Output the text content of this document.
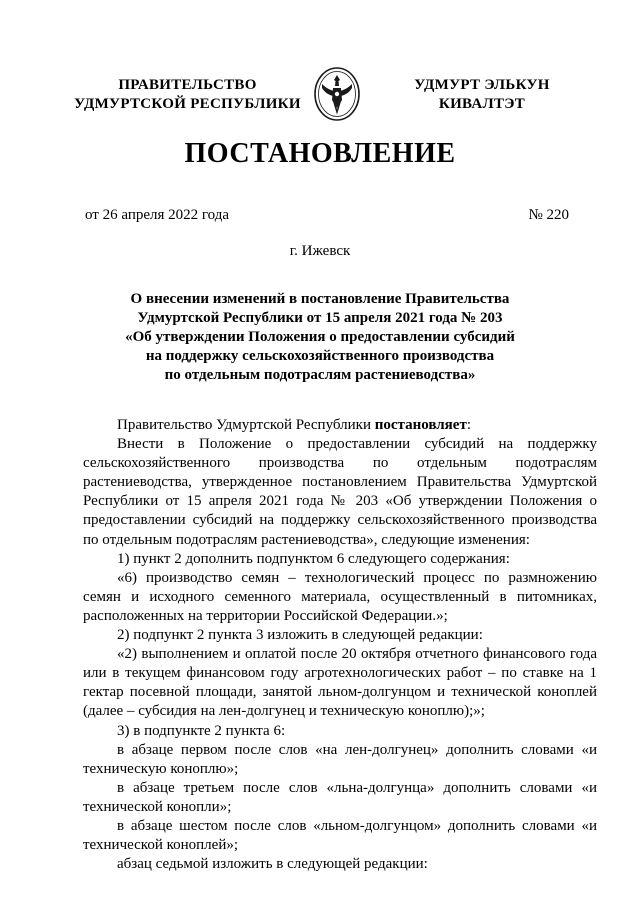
ПРАВИТЕЛЬСТВО
УДМУРТСКОЙ РЕСПУБЛИКИ
УДМУРТ ЭЛЬКУН
КИВАЛТЭТ
ПОСТАНОВЛЕНИЕ
от 26 апреля 2022 года	№ 220
г. Ижевск
О внесении изменений в постановление Правительства
Удмуртской Республики от 15 апреля 2021 года № 203
«Об утверждении Положения о предоставлении субсидий
на поддержку сельскохозяйственного производства
по отдельным подотраслям растениеводства»
Правительство Удмуртской Республики постановляет:
Внести в Положение о предоставлении субсидий на поддержку сельскохозяйственного производства по отдельным подотраслям растениеводства, утвержденное постановлением Правительства Удмуртской Республики от 15 апреля 2021 года № 203 «Об утверждении Положения о предоставлении субсидий на поддержку сельскохозяйственного производства по отдельным подотраслям растениеводства», следующие изменения:
1) пункт 2 дополнить подпунктом 6 следующего содержания:
«6) производство семян – технологический процесс по размножению семян и исходного семенного материала, осуществленный в питомниках, расположенных на территории Российской Федерации.»;
2) подпункт 2 пункта 3 изложить в следующей редакции:
«2) выполнением и оплатой после 20 октября отчетного финансового года или в текущем финансовом году агротехнологических работ – по ставке на 1 гектар посевной площади, занятой льном-долгунцом и технической коноплей (далее – субсидия на лен-долгунец и техническую коноплю);»;
3) в подпункте 2 пункта 6:
в абзаце первом после слов «на лен-долгунец» дополнить словами «и техническую коноплю»;
в абзаце третьем после слов «льна-долгунца» дополнить словами «и технической конопли»;
в абзаце шестом после слов «льном-долгунцом» дополнить словами «и технической коноплей»;
абзац седьмой изложить в следующей редакции:
